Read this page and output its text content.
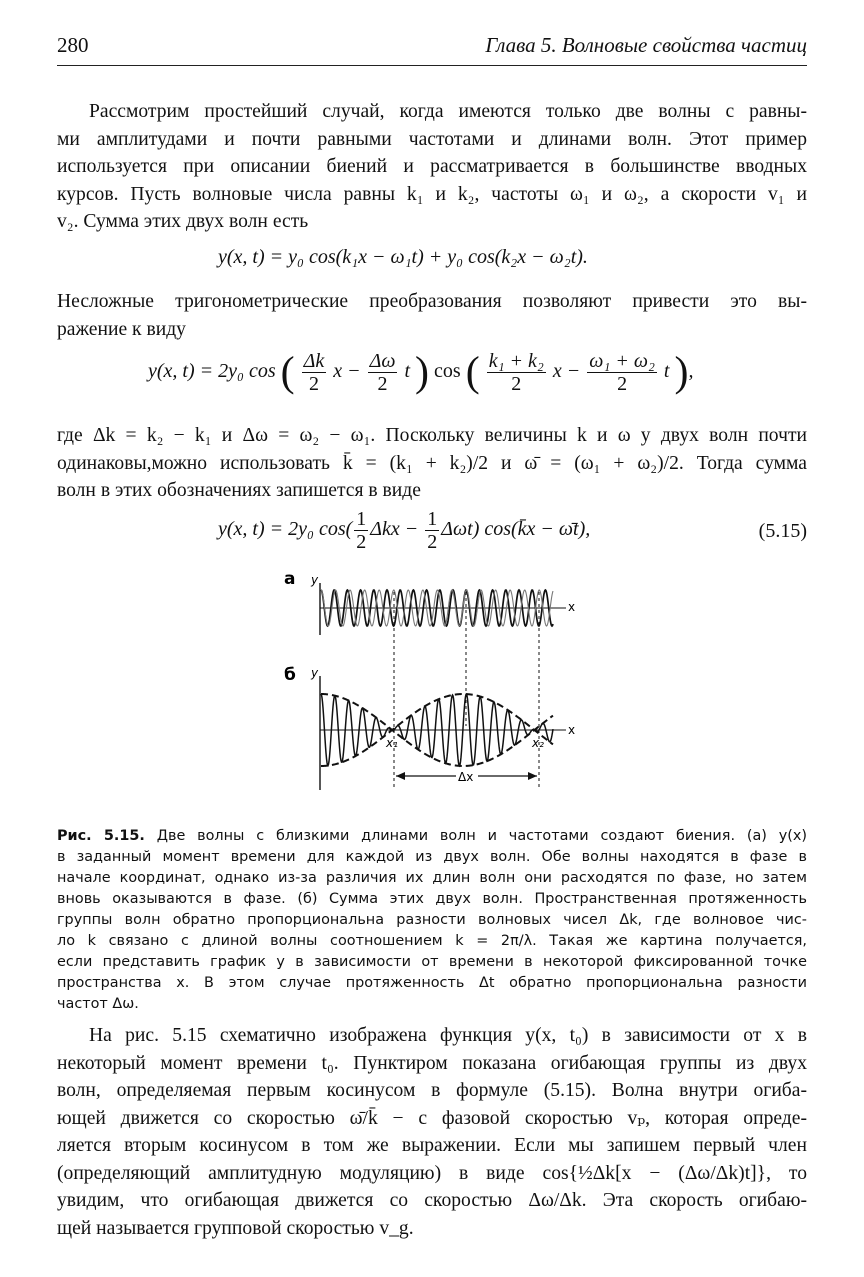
280	Глава 5. Волновые свойства частиц
Рассмотрим простейший случай, когда имеются только две волны с равны-
ми амплитудами и почти равными частотами и длинами волн. Этот пример
используется при описании биений и рассматривается в большинстве вводных
курсов. Пусть волновые числа равны k₁ и k₂, частоты ω₁ и ω₂, а скорости v₁ и
v₂. Сумма этих двух волн есть
y(x, t) = y₀ cos(k₁x − ω₁t) + y₀ cos(k₂x − ω₂t).
Несложные тригонометрические преобразования позволяют привести это вы-
ражение к виду
y(x, t) = 2y₀ cos ( $\frac{\Delta k}{2}$ $x - \frac{\Delta\omega}{2}$ t ) cos ( $\frac{\text{k₁ + k₂}}{2}$ $x - \frac{\text{ω₁ + ω₂}}{2}$ t ),
где Δk = k₂ − k₁ и Δω = ω₂ − ω₁. Поскольку величины k и ω у двух волн почти
одинаковы,можно использовать k̄ = (k₁ + k₂)/2 и ω̄ = (ω₁ + ω₂)/2. Тогда сумма
волн в этих обозначениях запишется в виде
y(x, t) = 2y₀ $\cos( \frac{1}{2}$ $\Delta kx - \frac{1}{2} \Delta\omega t$) cos(k̄x − ω̄t),	(5.15)
а
б
y
y
x
x
x₁	x₂
Δx
Рис. 5.15. Две волны с близкими длинами волн и частотами создают биения. (а) y(x)
в заданный момент времени для каждой из двух волн. Обе волны находятся в фазе в
начале координат, однако из-за различия их длин волн они расходятся по фазе, но затем
вновь оказываются в фазе. (б) Сумма этих двух волн. Пространственная протяженность
группы волн обратно пропорциональна разности волновых чисел Δk, где волновое чис-
ло k связано с длиной волны соотношением k = 2π/λ. Такая же картина получается,
если представить график y в зависимости от времени в некоторой фиксированной точке
пространства x. В этом случае протяженность Δt обратно пропорциональна разности
частот Δω.
На рис. 5.15 схематично изображена функция y(x, t₀) в зависимости от x в
некоторый момент времени t₀. Пунктиром показана огибающая группы из двух
волн, определяемая первым косинусом в формуле (5.15). Волна внутри огиба-
ющей движется со скоростью ω̄/k̄ − с фазовой скоростью vₚ, которая опреде-
ляется вторым косинусом в том же выражении. Если мы запишем первый член
(определяющий амплитудную модуляцию) в виде cos{½Δk[x − (Δω/Δk)t]}, то
увидим, что огибающая движется со скоростью Δω/Δk. Эта скорость огибаю-
щей называется групповой скоростью v_g.
